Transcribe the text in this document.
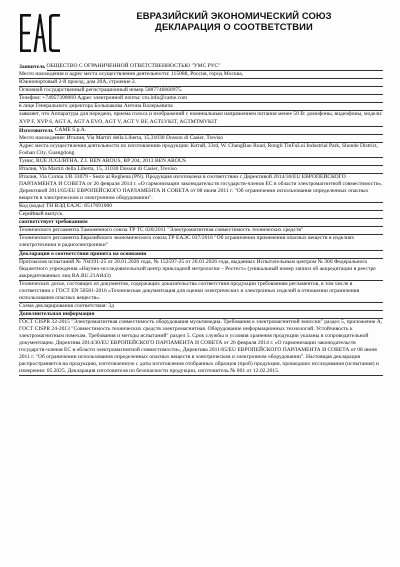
ЕВРАЗИЙСКИЙ ЭКОНОМИЧЕСКИЙ СОЮЗ
ДЕКЛАРАЦИЯ О СООТВЕТСТВИИ

Заявитель
ОБЩЕСТВО С ОГРАНИЧЕННОЙ ОТВЕТСТВЕННОСТЬЮ "УМС РУС"

Место нахождения и адрес места осуществления деятельности: 115088, Россия, город Москва,

Южнопортовый 2-й проезд, дом 20А, строение 2.

Основной государственный регистрационный номер 5087746660975.

Телефон: +74957390069 Адрес электронной почты: cru.info@came.com

в лице Генерального директора Большакова Антона Валерьевича

заявляет, что Аппаратура для передачи, приема голоса и изображений с номинальным напряжением питания менее 50 В: домофоны, видеофоны, модели: XVP F, XVP S, AGT A, AGT A EVO, AGT V, AGT V BF, AGTLVKIT, AGTMTMVKIT

Изготовитель
CAME S.p.A.

Место нахождения: Италия, Via Martiri della Liberta, 15,31030 Dosson di Casier, Treviso

Адрес места осуществления деятельности по изготовлению продукции: Китай, 33rd, W. ChangBao Road, Rongli TinFuLoi Industrial Park, Shunde District, Foshan City, Guangdong

Тунис, RUE JUGURTHA, Z.I. BEN AROUS, BP 204, 2013 BEN AROUS

Италия, Via Martiri della Liberta, 15, 31030 Dosson di Casier, Treviso

Италия, Via Cornia 1/B 33079 - Sesto al Reghena (PN). Продукция изготовлена в соответствии с Директивой 2014/30/EU ЕВРОПЕЙСКОГО ПАРЛАМЕНТА И СОВЕТА от 26 февраля 2014 г. «О гармонизации законодательств государств-членов ЕС в области электромагнитной совместимости», Директивой 2011/65/EU ЕВРОПЕЙСКОГО ПАРЛАМЕНТА И СОВЕТА от 08 июня 2011 г. "Об ограничении использования определенных опасных веществ в электрическом и электронном оборудовании".

Код (коды) ТН ВЭД ЕАЭС: 8517691000

Серийный выпуск.

соответствует требованиям

Технического регламента Таможенного союза ТР ТС 020/2011 "Электромагнитная совместимость технических средств"

Технического регламента Евразийского экономического союза ТР ЕАЭС 037/2016 "Об ограничении применения опасных веществ в изделиях электротехники и радиоэлектроники"

Декларация о соответствии принята на основании

Протоколов испытаний № 704191-25 от 20.01.2026 года, № 152597-25 от 20.01.2026 года, выданных Испытательным центром № 300 Федерального бюджетного учреждения «Научно-исследовательский центр прикладной метрологии – Ростест» (уникальный номер записи об аккредитации в реестре аккредитованных лиц RA.RU.21АЯ43)

Технических досье, состоящих из документов, содержащих доказательства соответствия продукции требованиям регламентов, в том числе в соответствии с ГОСТ EN 50581-2016 «Техническая документация для оценки электрических и электронных изделий в отношении ограничения использования опасных веществ».

Схема декларирования соответствия: 3д

Дополнительная информация

ГОСТ CISPR 32-2015 "Электромагнитная совместимость оборудования мультимедиа. Требования к электромагнитной эмиссии" раздел 5, приложение А, ГОСТ CISPR 24-2013 "Совместимость технических средств электромагнитная. Оборудование информационных технологий. Устойчивость к электромагнитным помехам. Требования и методы испытаний" раздел 5. Срок службы и условия хранения продукции указаны в сопроводительной документации. Директива 2014/30/EU ЕВРОПЕЙСКОГО ПАРЛАМЕНТА И СОВЕТА от 26 февраля 2014 г. «О гармонизации законодательств государств-членов ЕС в области электромагнитной совместимости», Директива 2011/65/EU ЕВРОПЕЙСКОГО ПАРЛАМЕНТА И СОВЕТА от 08 июня 2011 г. "Об ограничении использования определенных опасных веществ в электрическом и электронном оборудовании". Настоящая декларация распространяется на продукцию, изготовленную с даты изготовления отобранных образцов (проб) продукции, прошедших исследования (испытания) и измерения: 05.2025. Декларация изготовителя по безопасности продукции, изготовитель № 001 от 12.02.2015.
